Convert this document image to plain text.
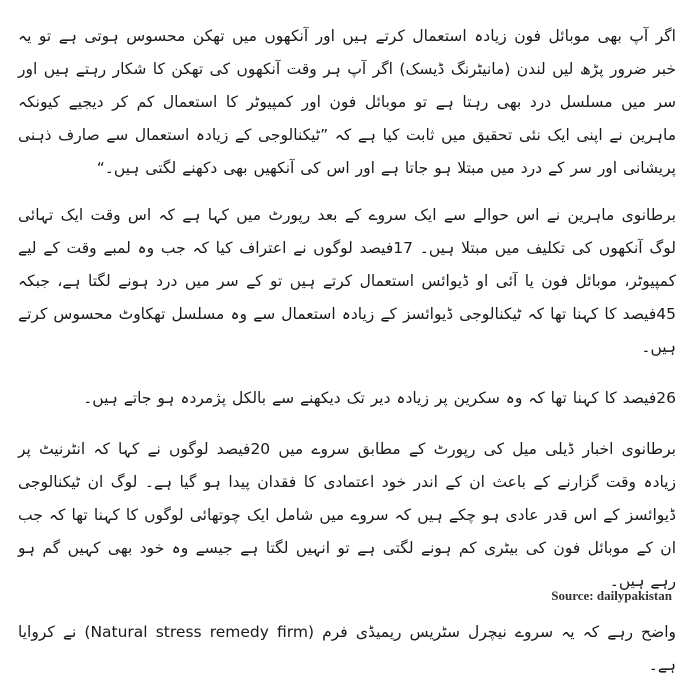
اگر آپ بھی موبائل فون زیادہ استعمال کرتے ہیں اور آنکھوں میں تھکن محسوس ہوتی ہے تو یہ خبر ضرور پڑھ لیں لندن (مانیٹرنگ ڈیسک) اگر آپ ہر وقت آنکھوں کی تھکن کا شکار رہتے ہیں اور سر میں مسلسل درد بھی رہتا ہے تو موبائل فون اور کمپیوٹر کا استعمال کم کر دیجیے کیونکہ ماہرین نے اپنی ایک نئی تحقیق میں ثابت کیا ہے کہ ”ٹیکنالوجی کے زیادہ استعمال سے صارف ذہنی پریشانی اور سر کے درد میں مبتلا ہو جاتا ہے اور اس کی آنکھیں بھی دکھنے لگتی ہیں۔“

برطانوی ماہرین نے اس حوالے سے ایک سروے کے بعد رپورٹ میں کہا ہے کہ اس وقت ایک تہائی لوگ آنکھوں کی تکلیف میں مبتلا ہیں۔ 17فیصد لوگوں نے اعتراف کیا کہ جب وہ لمبے وقت کے لیے کمپیوٹر، موبائل فون یا آئی او ڈیوائس استعمال کرتے ہیں تو کے سر میں درد ہونے لگتا ہے، جبکہ 45فیصد کا کہنا تھا کہ ٹیکنالوجی ڈیوائسز کے زیادہ استعمال سے وہ مسلسل تھکاوٹ محسوس کرتے ہیں۔

26فیصد کا کہنا تھا کہ وہ سکرین پر زیادہ دیر تک دیکھنے سے بالکل پژمردہ ہو جاتے ہیں۔

برطانوی اخبار ڈیلی میل کی رپورٹ کے مطابق سروے میں 20فیصد لوگوں نے کہا کہ انٹرنیٹ پر زیادہ وقت گزارنے کے باعث ان کے اندر خود اعتمادی کا فقدان پیدا ہو گیا ہے۔ لوگ ان ٹیکنالوجی ڈیوائسز کے اس قدر عادی ہو چکے ہیں کہ سروے میں شامل ایک چوتھائی لوگوں کا کہنا تھا کہ جب ان کے موبائل فون کی بیٹری کم ہونے لگتی ہے تو انہیں لگتا ہے جیسے وہ خود بھی کہیں گم ہو رہے ہیں۔

واضح رہے کہ یہ سروے نیچرل سٹریس ریمیڈی فرم (Natural stress remedy firm) نے کروایا ہے۔

Source: dailypakistan
